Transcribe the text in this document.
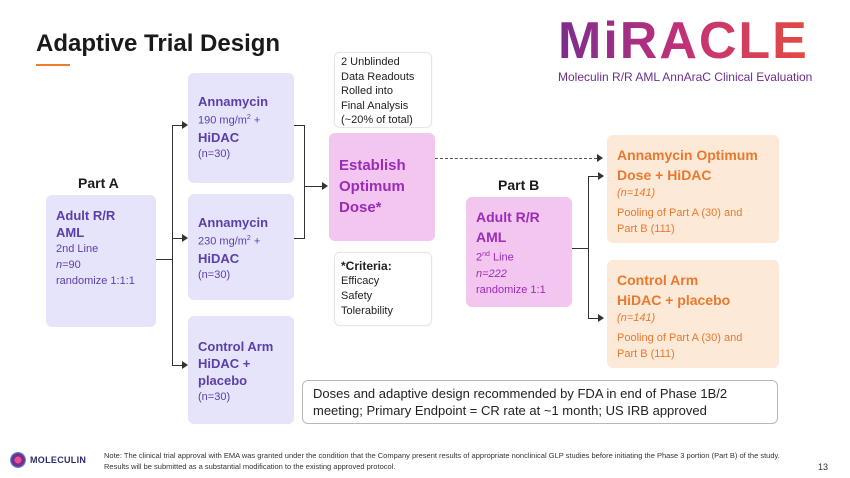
Adaptive Trial Design	MiRACLE
Moleculin R/R AML AnnAraC Clinical Evaluation
Part A
Adult R/R
AML
2nd Line
n=90
randomize 1:1:1
Annamycin
190 $mg/m^2$ +
HiDAC
(n=30)
Annamycin
230 $mg/m^2$ +
HiDAC
(n=30)
Control Arm
HiDAC +
placebo
(n=30)
2 Unblinded
Data Readouts
Rolled into
Final Analysis
(~20% of total)
Establish
Optimum
Dose*
*Criteria:
Efficacy
Safety
Tolerability
Part B
Adult R/R
AML
2nd Line
n=222
randomize 1:1
Annamycin Optimum
Dose + HiDAC
(n=141)
Pooling of Part A (30) and
Part B (111)
Control Arm
HiDAC + placebo
(n=141)
Pooling of Part A (30) and
Part B (111)
Doses and adaptive design recommended by FDA in end of Phase 1B/2 meeting; Primary Endpoint = CR rate at ~1 month; US IRB approved
MOLECULIN Note: The clinical trial approval with EMA was granted under the condition that the Company present results of appropriate nonclinical GLP studies before initiating the Phase 3 portion (Part B) of the study. Results will be submitted as a substantial modification to the existing approved protocol.	13
